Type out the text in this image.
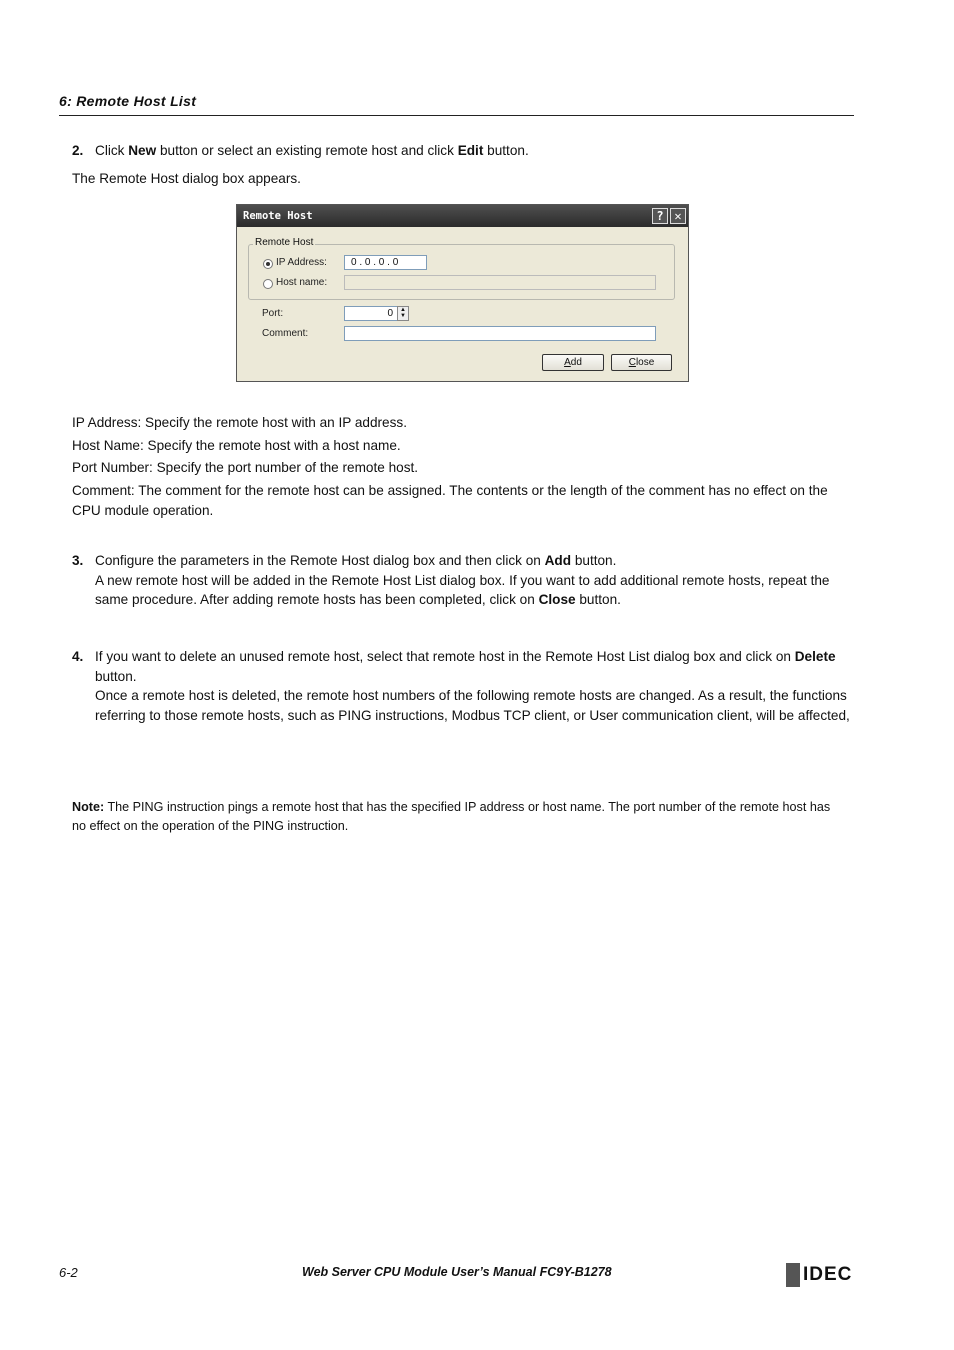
6: Remote Host List
2. Click New button or select an existing remote host and click Edit button.
The Remote Host dialog box appears.
Remote Host	? ✕
Remote Host
IP Address:	0 . 0 . 0 . 0
Host name:
Port:	0	▲
▼
Comment:
Add	Close
IP Address: Specify the remote host with an IP address.
Host Name: Specify the remote host with a host name.
Port Number: Specify the port number of the remote host.
Comment: The comment for the remote host can be assigned. The contents or the length of the comment has no effect on the CPU module operation.
3. Configure the parameters in the Remote Host dialog box and then click on Add button.
A new remote host will be added in the Remote Host List dialog box. If you want to add additional remote hosts, repeat the same procedure. After adding remote hosts has been completed, click on Close button.
4. If you want to delete an unused remote host, select that remote host in the Remote Host List dialog box and click on Delete button.
Once a remote host is deleted, the remote host numbers of the following remote hosts are changed. As a result, the functions referring to those remote hosts, such as PING instructions, Modbus TCP client, or User communication client, will be affected,
Note: The PING instruction pings a remote host that has the specified IP address or host name. The port number of the remote host has no effect on the operation of the PING instruction.
6-2	Web Server CPU Module User’s Manual FC9Y-B1278	IDEC
